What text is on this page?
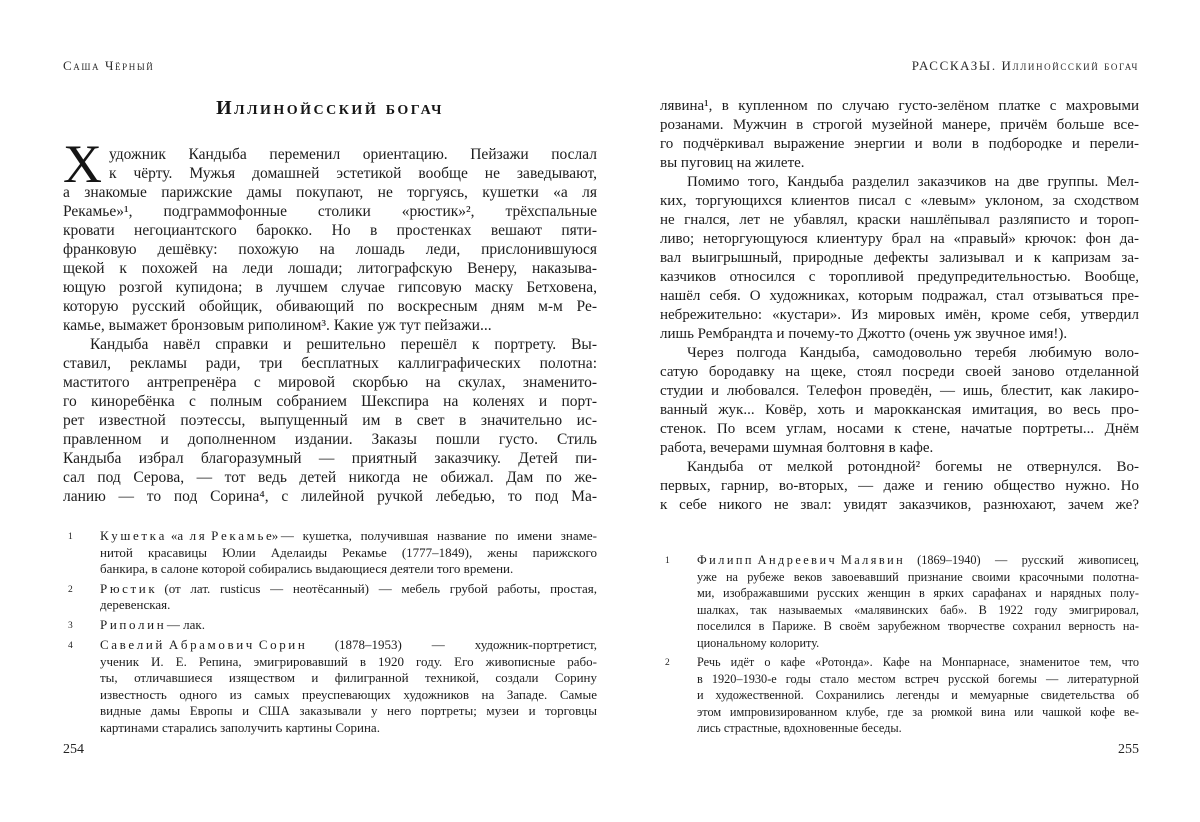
Саша Чёрный
Иллинойсский богач
Х удожник Кандыба переменил ориентацию. Пейзажи послал
к чёрту. Мужья домашней эстетикой вообще не заведывают,
а знакомые парижские дамы покупают, не торгуясь, кушетки «а ля
Рекамье»¹, подграммофонные столики «рюстик»², трёхспальные
кровати негоциантского барокко. Но в простенках вешают пяти-
франковую дешёвку: похожую на лошадь леди, прислонившуюся
щекой к похожей на леди лошади; литографскую Венеру, наказыва-
ющую розгой купидона; в лучшем случае гипсовую маску Бетховена,
которую русский обойщик, обивающий по воскресным дням м-м Ре-
камье, вымажет бронзовым риполином³. Какие уж тут пейзажи...
Кандыба навёл справки и решительно перешёл к портрету. Вы-
ставил, рекламы ради, три бесплатных каллиграфических полотна:
маститого антрепренёра с мировой скорбью на скулах, знаменито-
го киноребёнка с полным собранием Шекспира на коленях и порт-
рет известной поэтессы, выпущенный им в свет в значительно ис-
правленном и дополненном издании. Заказы пошли густо. Стиль
Кандыба избрал благоразумный — приятный заказчику. Детей пи-
сал под Серова, — тот ведь детей никогда не обижал. Дам по же-
ланию — то под Сорина⁴, с лилейной ручкой лебедью, то под Ма-
1	К у ш е т к а «а л я Р е к а м ь е» — кушетка, получившая название по имени знаме-
нитой красавицы Юлии Аделаиды Рекамье (1777–1849), жены парижского
банкира, в салоне которой собирались выдающиеся деятели того времени.
2	Р ю с т и к (от лат. rusticus — неотёсанный) — мебель грубой работы, простая,
деревенская.
3	Р и п о л и н — лак.
4	С а в е л и й А б р а м о в и ч С о р и н (1878–1953) — художник-портретист,
ученик И. Е. Репина, эмигрировавший в 1920 году. Его живописные рабо-
ты, отличавшиеся изяществом и филигранной техникой, создали Сорину
известность одного из самых преуспевающих художников на Западе. Самые
видные дамы Европы и США заказывали у него портреты; музеи и торговцы
картинами старались заполучить картины Сорина.
254
РАССКАЗЫ. Иллинойсский богач
лявина¹, в купленном по случаю густо-зелёном платке с махровыми
розанами. Мужчин в строгой музейной манере, причём больше все-
го подчёркивал выражение энергии и воли в подбородке и перели-
вы пуговиц на жилете.
Помимо того, Кандыба разделил заказчиков на две группы. Мел-
ких, торгующихся клиентов писал с «левым» уклоном, за сходством
не гнался, лет не убавлял, краски нашлёпывал разляписто и тороп-
ливо; неторгующуюся клиентуру брал на «правый» крючок: фон да-
вал выигрышный, природные дефекты зализывал и к капризам за-
казчиков относился с торопливой предупредительностью. Вообще,
нашёл себя. О художниках, которым подражал, стал отзываться пре-
небрежительно: «кустари». Из мировых имён, кроме себя, утвердил
лишь Рембрандта и почему-то Джотто (очень уж звучное имя!).
Через полгода Кандыба, самодовольно теребя любимую воло-
сатую бородавку на щеке, стоял посреди своей заново отделанной
студии и любовался. Телефон проведён, — ишь, блестит, как лакиро-
ванный жук... Ковёр, хоть и марокканская имитация, во весь про-
стенок. По всем углам, носами к стене, начатые портреты... Днём
работа, вечерами шумная болтовня в кафе.
Кандыба от мелкой ротондной² богемы не отвернулся. Во-
первых, гарнир, во-вторых, — даже и гению общество нужно. Но
к себе никого не звал: увидят заказчиков, разнюхают, зачем же?
1	Ф и л и п п А н д р е е в и ч М а л я в и н (1869–1940) — русский живописец,
уже на рубеже веков завоевавший признание своими красочными полотна-
ми, изображавшими русских женщин в ярких сарафанах и нарядных полу-
шалках, так называемых «малявинских баб». В 1922 году эмигрировал,
поселился в Париже. В своём зарубежном творчестве сохранил верность на-
циональному колориту.
2	Речь идёт о кафе «Ротонда». Кафе на Монпарнасе, знаменитое тем, что
в 1920–1930-е годы стало местом встреч русской богемы — литературной
и художественной. Сохранились легенды и мемуарные свидетельства об
этом импровизированном клубе, где за рюмкой вина или чашкой кофе ве-
лись страстные, вдохновенные беседы.
255
